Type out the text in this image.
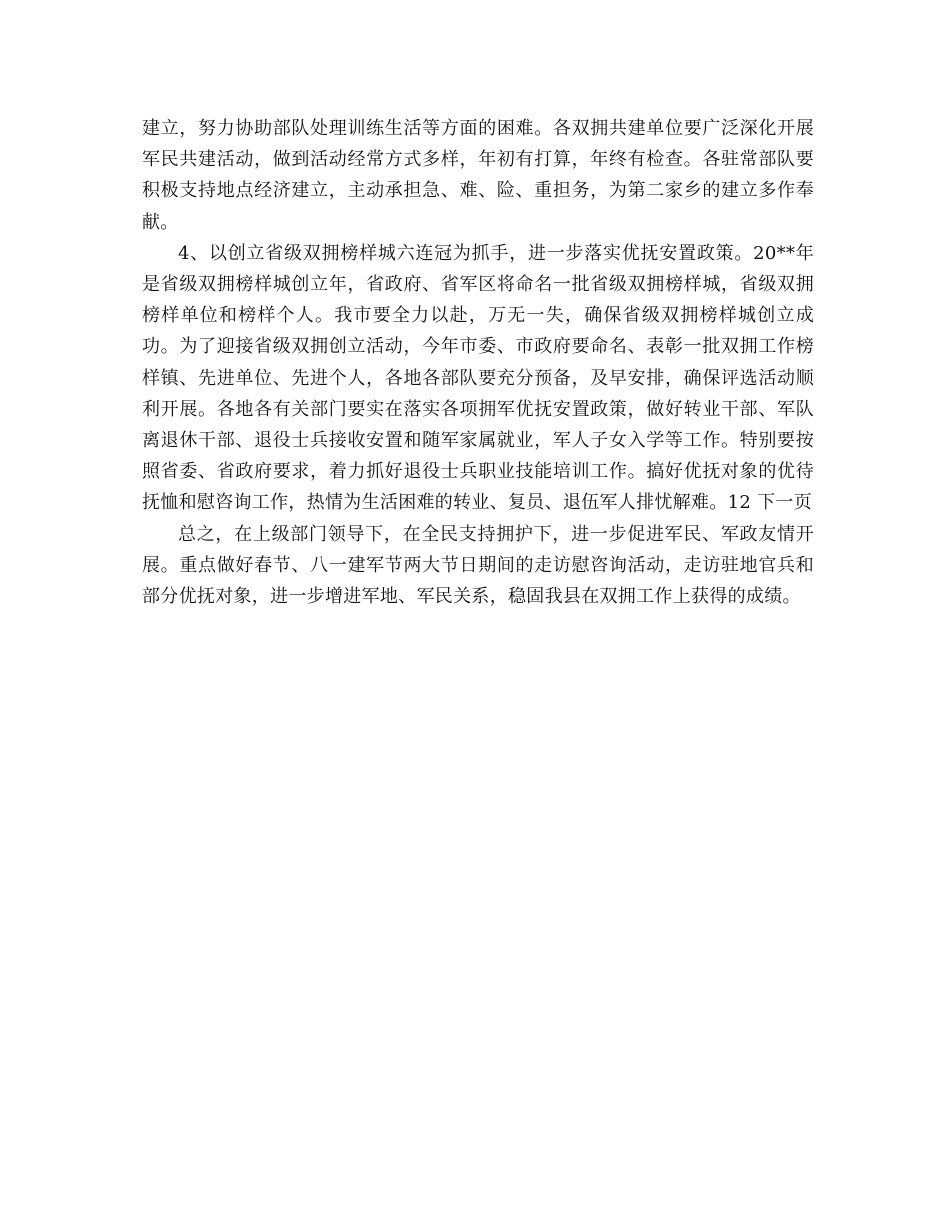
建立，努力协助部队处理训练生活等方面的困难。各双拥共建单位要广泛深化开展军民共建活动，做到活动经常方式多样，年初有打算，年终有检查。各驻常部队要积极支持地点经济建立，主动承担急、难、险、重担务，为第二家乡的建立多作奉献。

4、以创立省级双拥榜样城六连冠为抓手，进一步落实优抚安置政策。20**年是省级双拥榜样城创立年，省政府、省军区将命名一批省级双拥榜样城，省级双拥榜样单位和榜样个人。我市要全力以赴，万无一失，确保省级双拥榜样城创立成功。为了迎接省级双拥创立活动，今年市委、市政府要命名、表彰一批双拥工作榜样镇、先进单位、先进个人，各地各部队要充分预备，及早安排，确保评选活动顺利开展。各地各有关部门要实在落实各项拥军优抚安置政策，做好转业干部、军队离退休干部、退役士兵接收安置和随军家属就业，军人子女入学等工作。特别要按照省委、省政府要求，着力抓好退役士兵职业技能培训工作。搞好优抚对象的优待抚恤和慰咨询工作，热情为生活困难的转业、复员、退伍军人排忧解难。12 下一页

总之，在上级部门领导下，在全民支持拥护下，进一步促进军民、军政友情开展。重点做好春节、八一建军节两大节日期间的走访慰咨询活动，走访驻地官兵和部分优抚对象，进一步增进军地、军民关系，稳固我县在双拥工作上获得的成绩。
